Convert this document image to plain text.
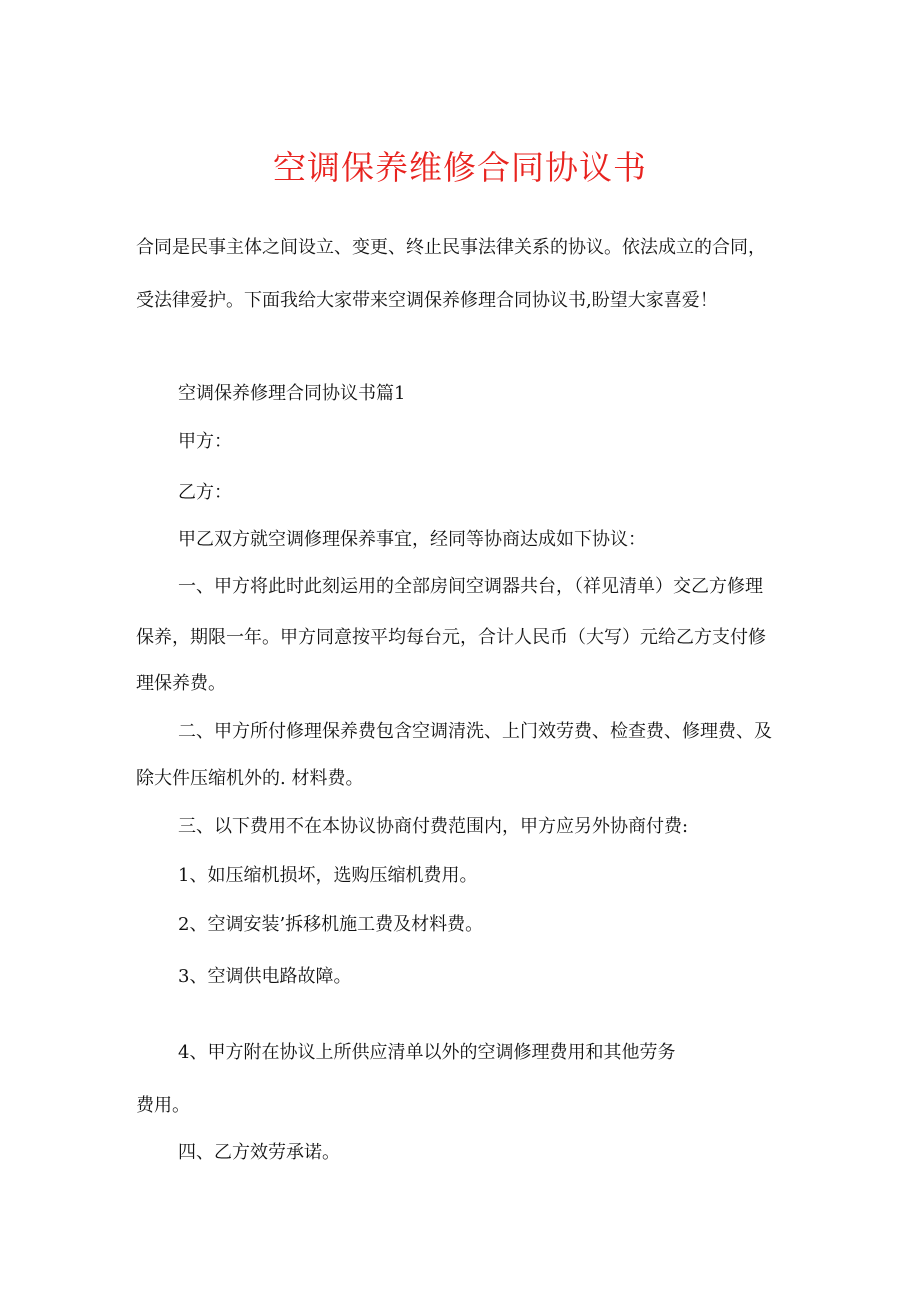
空调保养维修合同协议书
合同是民事主体之间设立、变更、终止民事法律关系的协议。依法成立的合同，
受法律爱护。下面我给大家带来空调保养修理合同协议书,盼望大家喜爱！
空调保养修理合同协议书篇1
甲方：
乙方：
甲乙双方就空调修理保养事宜，经同等协商达成如下协议：
一、甲方将此时此刻运用的全部房间空调器共台，（祥见清单）交乙方修理
保养，期限一年。甲方同意按平均每台元，合计人民币（大写）元给乙方支付修
理保养费。
二、甲方所付修理保养费包含空调清洗、上门效劳费、检查费、修理费、及
除大件压缩机外的. 材料费。
三、以下费用不在本协议协商付费范围内，甲方应另外协商付费:
1、如压缩机损坏，选购压缩机费用。
2、空调安装’拆移机施工费及材料费。
3、空调供电路故障。
4、甲方附在协议上所供应清单以外的空调修理费用和其他劳务
费用。
四、乙方效劳承诺。
